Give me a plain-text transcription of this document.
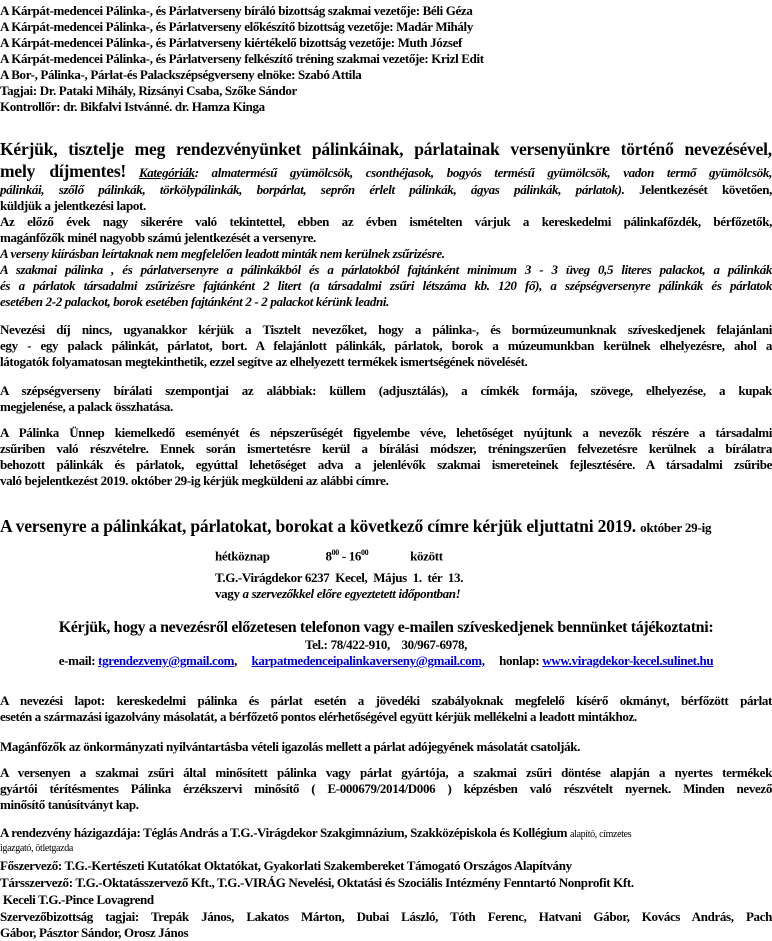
A Kárpát-medencei Pálinka-, és Párlatverseny bíráló bizottság szakmai vezetője: Béli Géza
A Kárpát-medencei Pálinka-, és Párlatverseny előkészítő bizottság vezetője: Madár Mihály
A Kárpát-medencei Pálinka-, és Párlatverseny kiértékelő bizottság vezetője: Muth József
A Kárpát-medencei Pálinka-, és Párlatverseny felkészítő tréning szakmai vezetője: Krizl Edit
A Bor-, Pálinka-, Párlat-és Palackszépségverseny elnöke: Szabó Attila
Tagjai: Dr. Pataki Mihály, Rizsányi Csaba, Szőke Sándor
Kontrollőr: dr. Bikfalvi Istvánné. dr. Hamza Kinga
Kérjük, tisztelje meg rendezvényünket pálinkáinak, párlatainak versenyünkre történő nevezésével,
mely díjmentes! Kategóriák: almatermésű gyümölcsök, csonthéjasok, bogyós termésű gyümölcsök, vadon termő gyümölcsök,
pálinkái, szőlő pálinkák, törkölypálinkák, borpárlat, seprőn érlelt pálinkák, ágyas pálinkák, párlatok). Jelentkezését követően,
küldjük a jelentkezési lapot.
Az előző évek nagy sikerére való tekintettel, ebben az évben ismételten várjuk a kereskedelmi pálinkafőzdék, bérfőzetők,
magánfőzők minél nagyobb számú jelentkezését a versenyre.
A verseny kiírásban leírtaknak nem megfelelően leadott minták nem kerülnek zsűrizésre.
A szakmai pálinka , és párlatversenyre a pálinkákból és a párlatokból fajtánként minimum 3 - 3 üveg 0,5 literes palackot, a pálinkák
és a párlatok társadalmi zsűrizésre fajtánként 2 litert (a társadalmi zsűri létszáma kb. 120 fő), a szépségversenyre pálinkák és párlatok
esetében 2-2 palackot, borok esetében fajtánként 2 - 2 palackot kérünk leadni.
Nevezési díj nincs, ugyanakkor kérjük a Tisztelt nevezőket, hogy a pálinka-, és bormúzeumunknak szíveskedjenek felajánlani
egy - egy palack pálinkát, párlatot, bort. A felajánlott pálinkák, párlatok, borok a múzeumunkban kerülnek elhelyezésre, ahol a
látogatók folyamatosan megtekinthetik, ezzel segítve az elhelyezett termékek ismertségének növelését.
A szépségverseny bírálati szempontjai az alábbiak: küllem (adjusztálás), a címkék formája, szövege, elhelyezése, a kupak
megjelenése, a palack összhatása.
A Pálinka Ünnep kiemelkedő eseményét és népszerűségét figyelembe véve, lehetőséget nyújtunk a nevezők részére a társadalmi
zsűriben való részvételre. Ennek során ismertetésre kerül a bírálási módszer, tréningszerűen felvezetésre kerülnek a bírálatra
behozott pálinkák és párlatok, egyúttal lehetőséget adva a jelenlévők szakmai ismereteinek fejlesztésére. A társadalmi zsűribe
való bejelentkezést 2019. október 29-ig kérjük megküldeni az alábbi címre.
A versenyre a pálinkákat, párlatokat, borokat a következő címre kérjük eljuttatni 2019. október 29-ig
hétköznap	$8^{00} - 16^{00}$	között
T.G.-Virágdekor 6237  Kecel,  Május  1.  tér  13.
vagy a szervezőkkel előre egyeztetett időpontban!
Kérjük, hogy a nevezésről előzetesen telefonon vagy e-mailen szíveskedjenek bennünket tájékoztatni:
Tel.: 78/422-910, 30/967-6978,
e-mail: tgrendezveny@gmail.com,     karpatmedenceipalinkaverseny@gmail.com, honlap: www.viragdekor-kecel.sulinet.hu
A nevezési lapot: kereskedelmi pálinka és párlat esetén a jövedéki szabályoknak megfelelő kísérő okmányt, bérfőzött párlat
esetén a származási igazolvány másolatát, a bérfőzető pontos elérhetőségével együtt kérjük mellékelni a leadott mintákhoz.
Magánfőzők az önkormányzati nyilvántartásba vételi igazolás mellett a párlat adójegyének másolatát csatolják.
A versenyen a szakmai zsűri által minősített pálinka vagy párlat gyártója, a szakmai zsűri döntése alapján a nyertes termékek
gyártói térítésmentes Pálinka érzékszervi minősítő ( E-000679/2014/D006 ) képzésben való részvételt nyernek. Minden nevező
minősítő tanúsítványt kap.
A rendezvény házigazdája: Téglás András a T.G.-Virágdekor Szakgimnázium, Szakközépiskola és Kollégium alapító, címzetes
igazgató, ötletgazda
Főszervező: T.G.-Kertészeti Kutatókat Oktatókat, Gyakorlati Szakembereket Támogató Országos Alapítvány
Társszervező: T.G.-Oktatásszervező Kft., T.G.-VIRÁG Nevelési, Oktatási és Szociális Intézmény Fenntartó Nonprofit Kft.
Keceli T.G.-Pince Lovagrend
Szervezőbizottság tagjai: Trepák János, Lakatos Márton, Dubai László, Tóth Ferenc, Hatvani Gábor, Kovács András, Pach
Gábor, Pásztor Sándor, Orosz János
